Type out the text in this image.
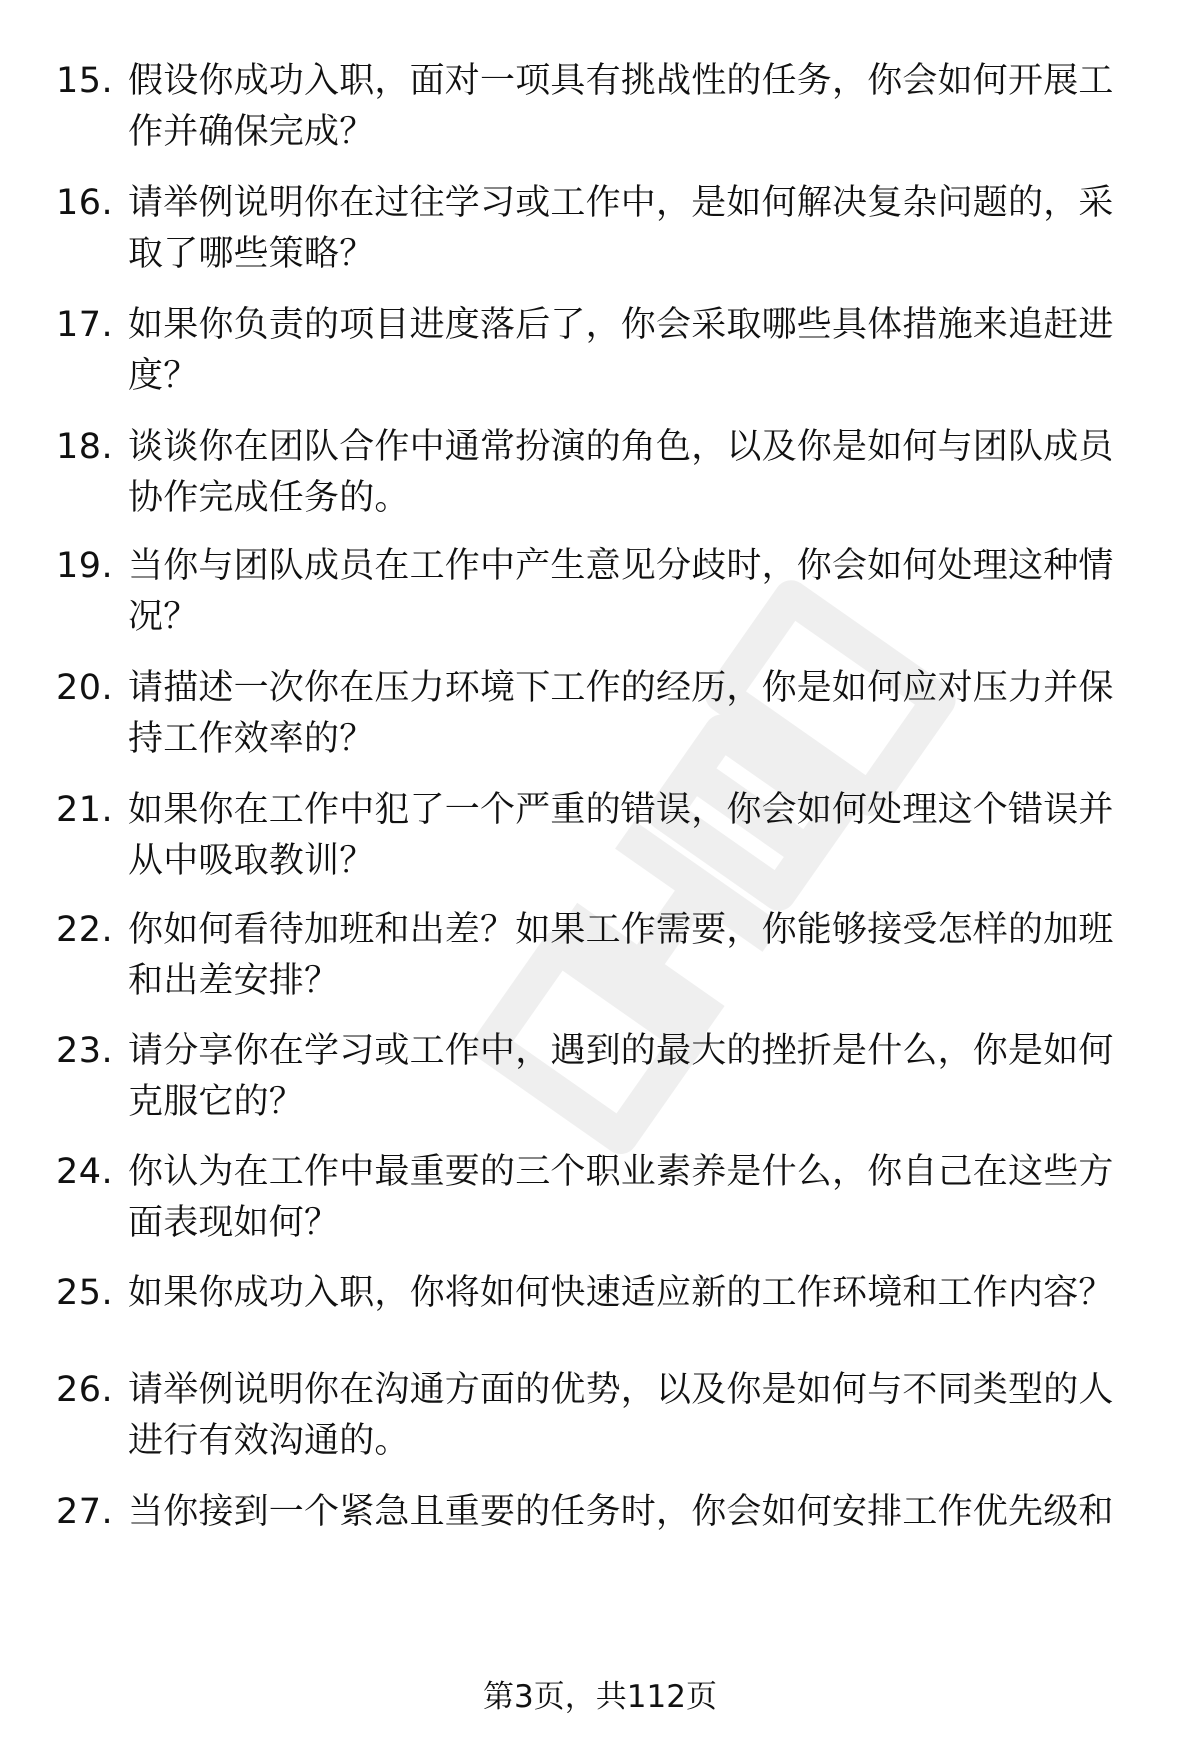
15. 假设你成功入职，面对一项具有挑战性的任务，你会如何开展工
作并确保完成？
16. 请举例说明你在过往学习或工作中，是如何解决复杂问题的，采
取了哪些策略？
17. 如果你负责的项目进度落后了，你会采取哪些具体措施来追赶进
度？
18. 谈谈你在团队合作中通常扮演的角色，以及你是如何与团队成员
协作完成任务的。
19. 当你与团队成员在工作中产生意见分歧时，你会如何处理这种情
况？
20. 请描述一次你在压力环境下工作的经历，你是如何应对压力并保
持工作效率的？
21. 如果你在工作中犯了一个严重的错误，你会如何处理这个错误并
从中吸取教训？
22. 你如何看待加班和出差？如果工作需要，你能够接受怎样的加班
和出差安排？
23. 请分享你在学习或工作中，遇到的最大的挫折是什么，你是如何
克服它的？
24. 你认为在工作中最重要的三个职业素养是什么，你自己在这些方
面表现如何？
25. 如果你成功入职，你将如何快速适应新的工作环境和工作内容？
26. 请举例说明你在沟通方面的优势，以及你是如何与不同类型的人
进行有效沟通的。
27. 当你接到一个紧急且重要的任务时，你会如何安排工作优先级和
第3页，共112页
